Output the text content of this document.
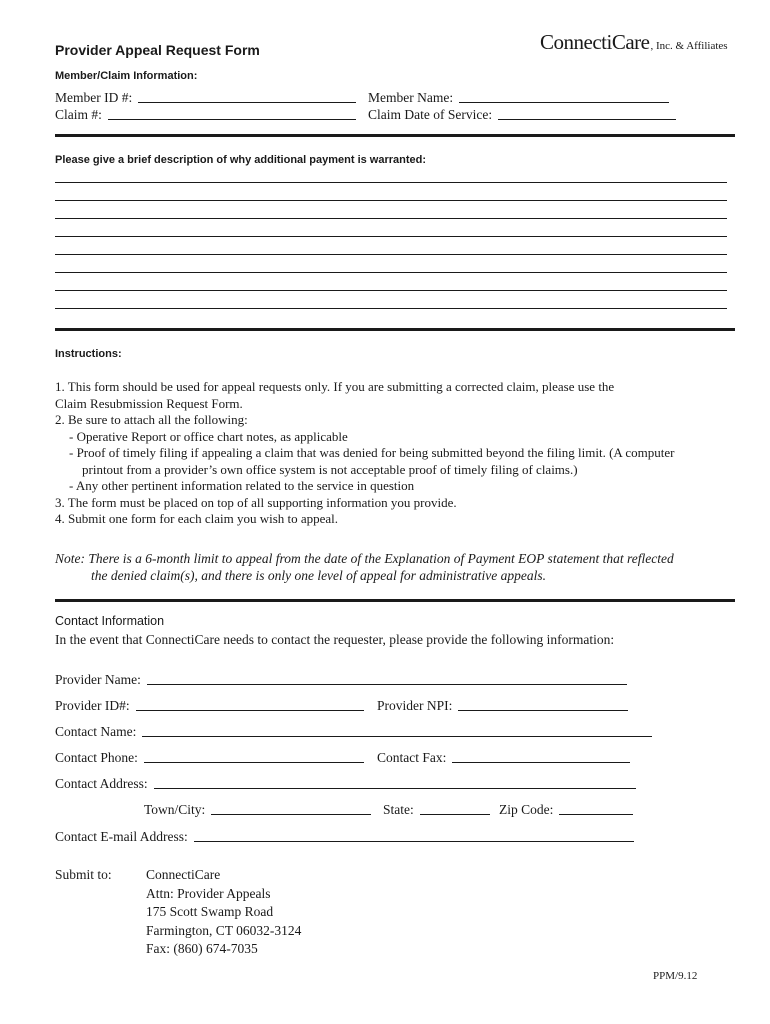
Provider Appeal Request Form	ConnectiCare, Inc. & Affiliates
Member/Claim Information:
Member ID #:	Member Name:
Claim #:	Claim Date of Service:
Please give a brief description of why additional payment is warranted:
Instructions:

1. This form should be used for appeal requests only. If you are submitting a corrected claim, please use the

Claim Resubmission Request Form.

2. Be sure to attach all the following:

- Operative Report or office chart notes, as applicable

- Proof of timely filing if appealing a claim that was denied for being submitted beyond the filing limit. (A computer

printout from a provider’s own office system is not acceptable proof of timely filing of claims.)

- Any other pertinent information related to the service in question

3. The form must be placed on top of all supporting information you provide.

4. Submit one form for each claim you wish to appeal.

Note: There is a 6-month limit to appeal from the date of the Explanation of Payment EOP statement that reflected
the denied claim(s), and there is only one level of appeal for administrative appeals.
Contact Information
In the event that ConnectiCare needs to contact the requester, please provide the following information:
Provider Name:
Provider ID#:	Provider NPI:
Contact Name:
Contact Phone:	Contact Fax:
Contact Address:
Town/City:	State:	Zip Code:
Contact E-mail Address:
Submit to:	ConnectiCare
Attn: Provider Appeals
175 Scott Swamp Road
Farmington, CT 06032-3124
Fax: (860) 674-7035
PPM/9.12
